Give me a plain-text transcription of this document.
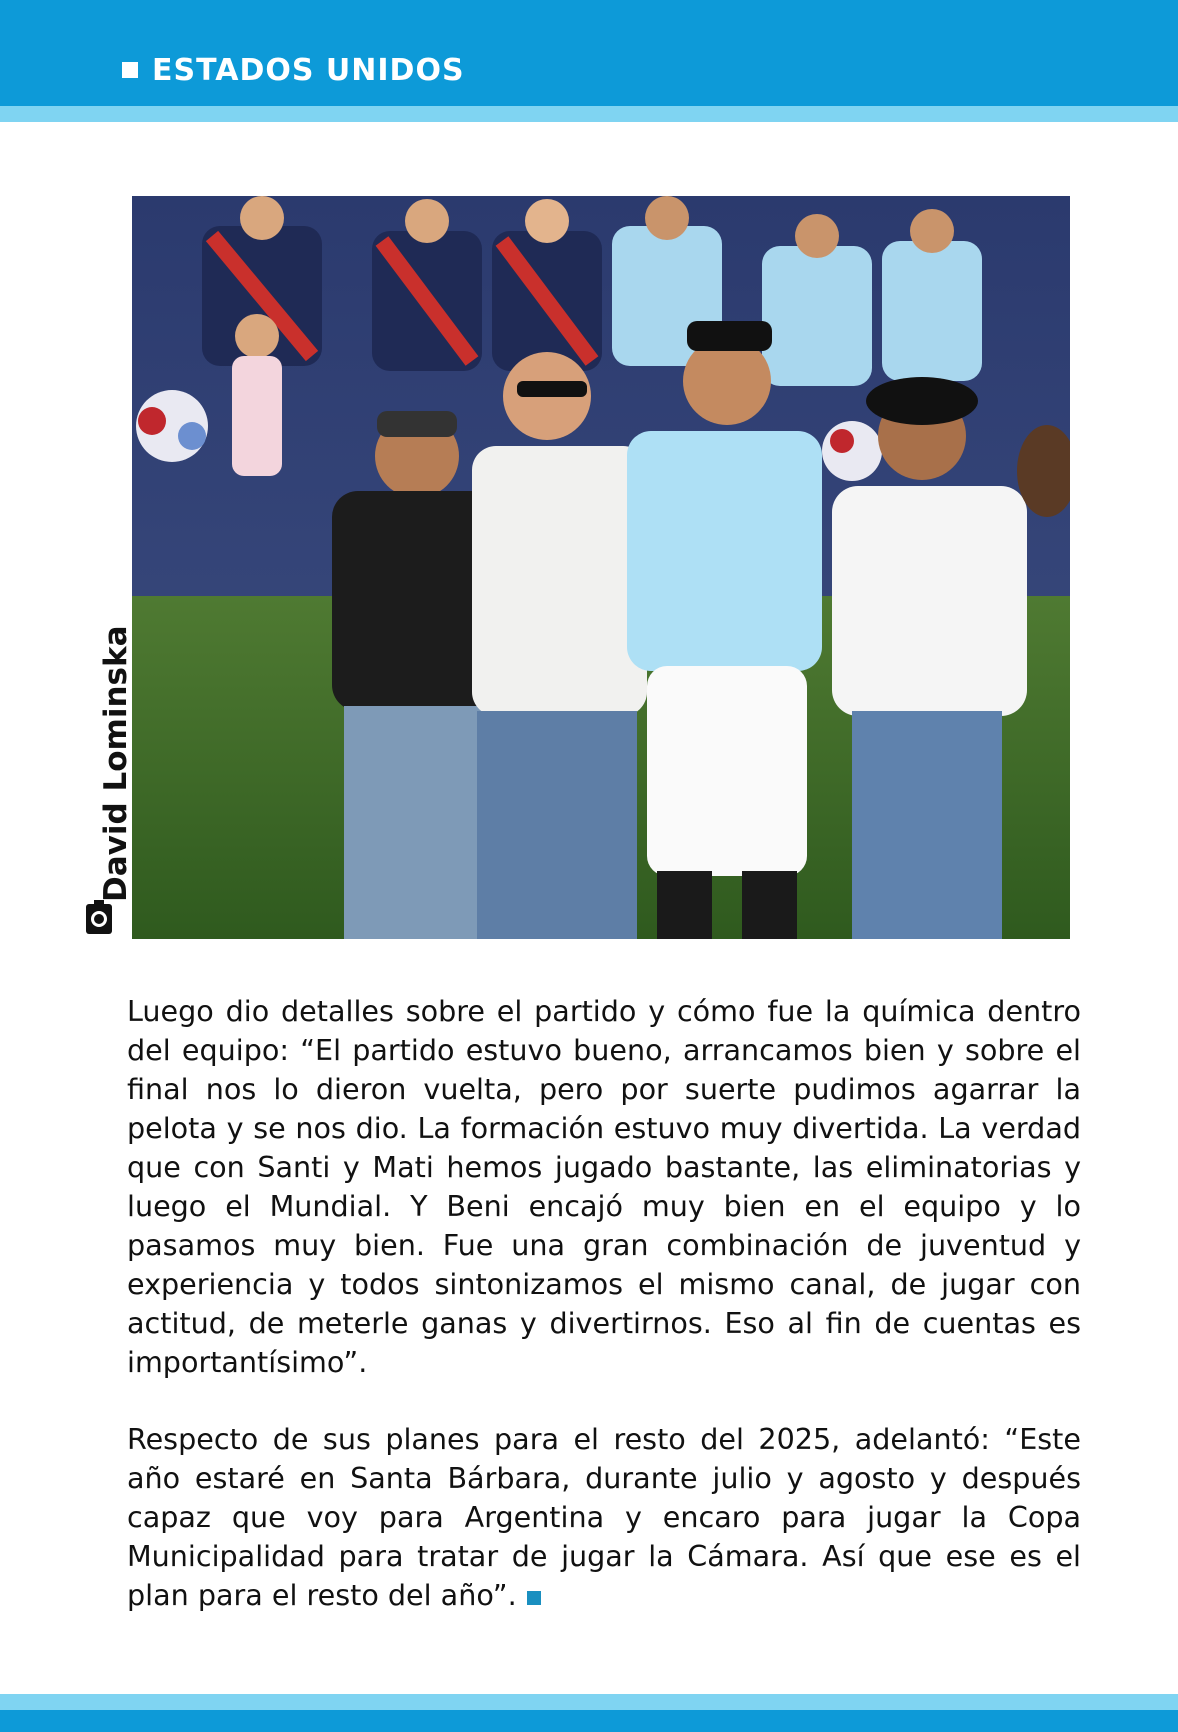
ESTADOS UNIDOS
David Lominska

Luego dio detalles sobre el partido y cómo fue la química dentro del equipo: “El partido estuvo bueno, arrancamos bien y sobre el final nos lo dieron vuelta, pero por suerte pudimos agarrar la pelota y se nos dio. La formación estuvo muy divertida. La verdad que con Santi y Mati hemos jugado bastante, las eliminatorias y luego el Mundial. Y Beni encajó muy bien en el equipo y lo pasamos muy bien. Fue una gran combinación de juventud y experiencia y todos sintonizamos el mismo canal, de jugar con actitud, de meterle ganas y divertirnos. Eso al fin de cuentas es importantísimo”.

Respecto de sus planes para el resto del 2025, adelantó: “Este año estaré en Santa Bárbara, durante julio y agosto y después capaz que voy para Argentina y encaro para jugar la Copa Municipalidad para tratar de jugar la Cámara. Así que ese es el plan para el resto del año”.
